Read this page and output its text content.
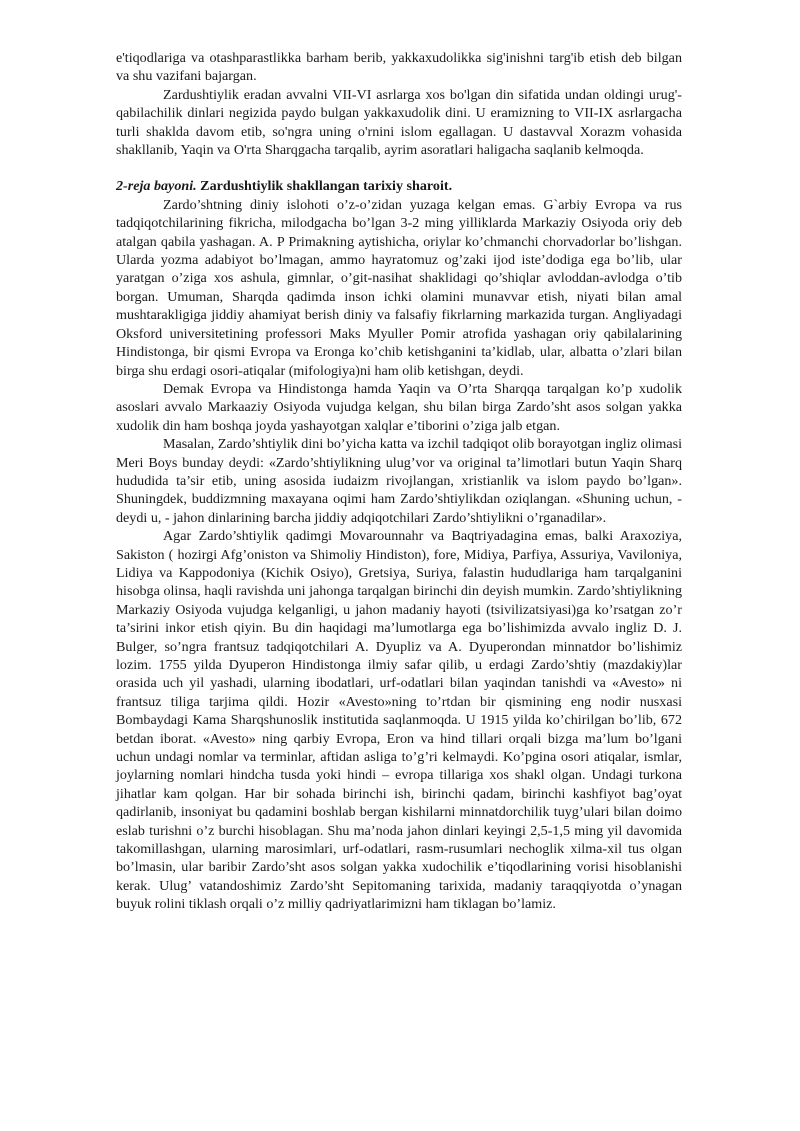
e'tiqodlariga va otashparastlikka barham berib, yakkaxudolikka sig'inishni targ'ib etish deb bilgan va shu vazifani bajargan.

Zardushtiylik eradan avvalni VII-VI asrlarga xos bo'lgan din sifatida undan oldingi urug'-qabilachilik dinlari negizida paydo bulgan yakkaxudolik dini. U eramizning to VII-IX asrlargacha turli shaklda davom etib, so'ngra uning o'rnini islom egallagan. U dastavval Xorazm vohasida shakllanib, Yaqin va O'rta Sharqgacha tarqalib, ayrim asoratlari haligacha saqlanib kelmoqda.

2-reja bayoni. Zardushtiylik shakllangan tarixiy sharoit.

Zardo’shtning diniy islohoti o’z-o’zidan yuzaga kelgan emas. G`arbiy Evropa va rus tadqiqotchilarining fikricha, milodgacha bo’lgan 3-2 ming yilliklarda Markaziy Osiyoda oriy deb atalgan qabila yashagan. A. P Primakning aytishicha, oriylar ko’chmanchi chorvadorlar bo’lishgan. Ularda yozma adabiyot bo’lmagan, ammo hayratomuz og’zaki ijod iste’dodiga ega bo’lib, ular yaratgan o’ziga xos ashula, gimnlar, o’git-nasihat shaklidagi qo’shiqlar avloddan-avlodga o’tib borgan. Umuman, Sharqda qadimda inson ichki olamini munavvar etish, niyati bilan amal mushtarakligiga jiddiy ahamiyat berish diniy va falsafiy fikrlarning markazida turgan. Angliyadagi Oksford universitetining professori Maks Myuller Pomir atrofida yashagan oriy qabilalarining Hindistonga, bir qismi Evropa va Eronga ko’chib ketishganini ta’kidlab, ular, albatta o’zlari bilan birga shu erdagi osori-atiqalar (mifologiya)ni ham olib ketishgan, deydi.

Demak Evropa va Hindistonga hamda Yaqin va O’rta Sharqqa tarqalgan ko’p xudolik asoslari avvalo Markaaziy Osiyoda vujudga kelgan, shu bilan birga Zardo’sht asos solgan yakka xudolik din ham boshqa joyda yashayotgan xalqlar e’tiborini o’ziga jalb etgan.

Masalan, Zardo’shtiylik dini bo’yicha katta va izchil tadqiqot olib borayotgan ingliz olimasi Meri Boys bunday deydi: «Zardo’shtiylikning ulug’vor va original ta’limotlari butun Yaqin Sharq hududida ta’sir etib, uning asosida iudaizm rivojlangan, xristianlik va islom paydo bo’lgan». Shuningdek, buddizmning maxayana oqimi ham Zardo’shtiylikdan oziqlangan. «Shuning uchun, - deydi u, - jahon dinlarining barcha jiddiy adqiqotchilari Zardo’shtiylikni o’rganadilar».

Agar Zardo’shtiylik qadimgi Movarounnahr va Baqtriyadagina emas, balki Araxoziya, Sakiston ( hozirgi Afg’oniston va Shimoliy Hindiston), fore, Midiya, Parfiya, Assuriya, Vaviloniya, Lidiya va Kappodoniya (Kichik Osiyo), Gretsiya, Suriya, falastin hududlariga ham tarqalganini hisobga olinsa, haqli ravishda uni jahonga tarqalgan birinchi din deyish mumkin. Zardo’shtiylikning Markaziy Osiyoda vujudga kelganligi, u jahon madaniy hayoti (tsivilizatsiyasi)ga ko’rsatgan zo’r ta’sirini inkor etish qiyin. Bu din haqidagi ma’lumotlarga ega bo’lishimizda avvalo ingliz D. J. Bulger, so’ngra frantsuz tadqiqotchilari A. Dyupliz va A. Dyuperondan minnatdor bo’lishimiz lozim. 1755 yilda Dyuperon Hindistonga ilmiy safar qilib, u erdagi Zardo’shtiy (mazdakiy)lar orasida uch yil yashadi, ularning ibodatlari, urf-odatlari bilan yaqindan tanishdi va «Avesto» ni frantsuz tiliga tarjima qildi. Hozir «Avesto»ning to’rtdan bir qismining eng nodir nusxasi Bombaydagi Kama Sharqshunoslik institutida saqlanmoqda. U 1915 yilda ko’chirilgan bo’lib, 672 betdan iborat. «Avesto» ning qarbiy Evropa, Eron va hind tillari orqali bizga ma’lum bo’lgani uchun undagi nomlar va terminlar, aftidan asliga to’g’ri kelmaydi. Ko’pgina osori atiqalar, ismlar, joylarning nomlari hindcha tusda yoki hindi – evropa tillariga xos shakl olgan. Undagi turkona jihatlar kam qolgan. Har bir sohada birinchi ish, birinchi qadam, birinchi kashfiyot bag’oyat qadirlanib, insoniyat bu qadamini boshlab bergan kishilarni minnatdorchilik tuyg’ulari bilan doimo eslab turishni o’z burchi hisoblagan. Shu ma’noda jahon dinlari keyingi 2,5-1,5 ming yil davomida takomillashgan, ularning marosimlari, urf-odatlari, rasm-rusumlari nechoglik xilma-xil tus olgan bo’lmasin, ular baribir Zardo’sht asos solgan yakka xudochilik e’tiqodlarining vorisi hisoblanishi kerak. Ulug’ vatandoshimiz Zardo’sht Sepitomaning tarixida, madaniy taraqqiyotda o’ynagan buyuk rolini tiklash orqali o’z milliy qadriyatlarimizni ham tiklagan bo’lamiz.
